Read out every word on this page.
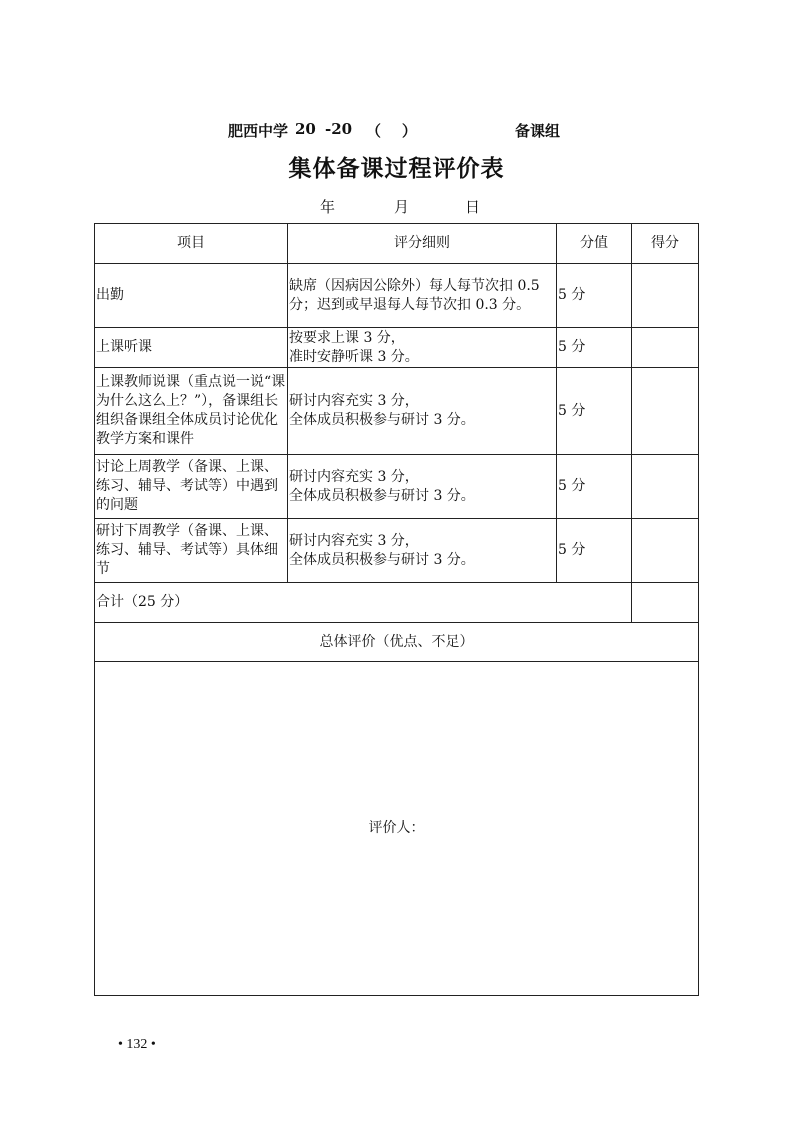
肥西中学 20 -20 （    ）	备课组
集体备课过程评价表
年	月	日
项目	评分细则	分值	得分

出勤	缺席（因病因公除外）每人每节次扣 0.5 分；迟到或早退每人每节次扣 0.3 分。	5 分	

上课听课	按要求上课 3 分，
准时安静听课 3 分。	5 分	

上课教师说课（重点说一说“课为什么这么上？”），备课组长组织备课组全体成员讨论优化教学方案和课件	研讨内容充实 3 分，
全体成员积极参与研讨 3 分。	5 分	

讨论上周教学（备课、上课、练习、辅导、考试等）中遇到的问题	研讨内容充实 3 分，
全体成员积极参与研讨 3 分。	5 分	

研讨下周教学（备课、上课、练习、辅导、考试等）具体细节	研讨内容充实 3 分，
全体成员积极参与研讨 3 分。	5 分	
合计（25 分）			
总体评价（优点、不足）			
评价人：			
• 132 •
